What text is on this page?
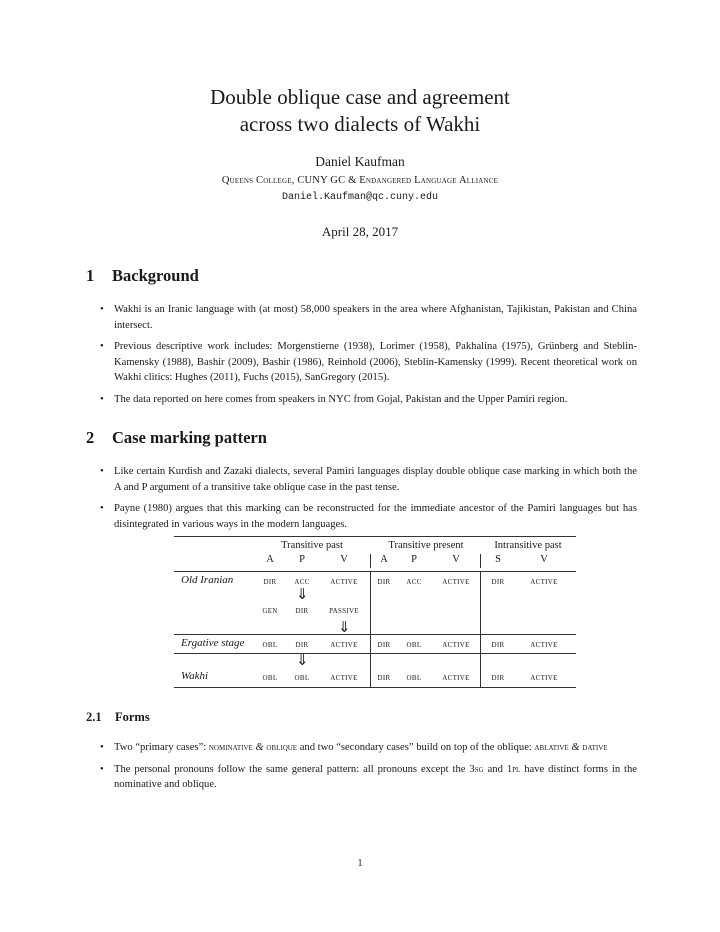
Double oblique case and agreement
across two dialects of Wakhi
Daniel Kaufman
Queens College, CUNY GC & Endangered Language Alliance
Daniel.Kaufman@qc.cuny.edu
April 28, 2017
1 Background
• Wakhi is an Iranic language with (at most) 58,000 speakers in the area where Afghanistan, Tajikistan, Pakistan and China intersect.
• Previous descriptive work includes: Morgenstierne (1938), Lorimer (1958), Pakhalina (1975), Grünberg and Steblin-Kamensky (1988), Bashir (2009), Bashir (1986), Reinhold (2006), Steblin-Kamensky (1999). Recent theoretical work on Wakhi clitics: Hughes (2011), Fuchs (2015), SanGregory (2015).
• The data reported on here comes from speakers in NYC from Gojal, Pakistan and the Upper Pamiri region.
2 Case marking pattern
• Like certain Kurdish and Zazaki dialects, several Pamiri languages display double oblique case marking in which both the A and P argument of a transitive take oblique case in the past tense.
• Payne (1980) argues that this marking can be reconstructed for the immediate ancestor of the Pamiri languages but has disintegrated in various ways in the modern languages.
Transitive past	Transitive present	Intransitive past
A	P	V	A	P	V	S	V
Old Iranian	dir	acc	active	dir	acc	active	dir	active
⇓
gen	dir	passive
⇓
Ergative stage	obl	dir	active	dir	obl	active	dir	active
⇓
Wakhi	obl	obl	active	dir	obl	active	dir	active
2.1 Forms
• Two “primary cases”: nominative & oblique and two “secondary cases” build on top of the oblique: ablative & dative
• The personal pronouns follow the same general pattern: all pronouns except the 3sg and 1pl have distinct forms in the nominative and oblique.
1
